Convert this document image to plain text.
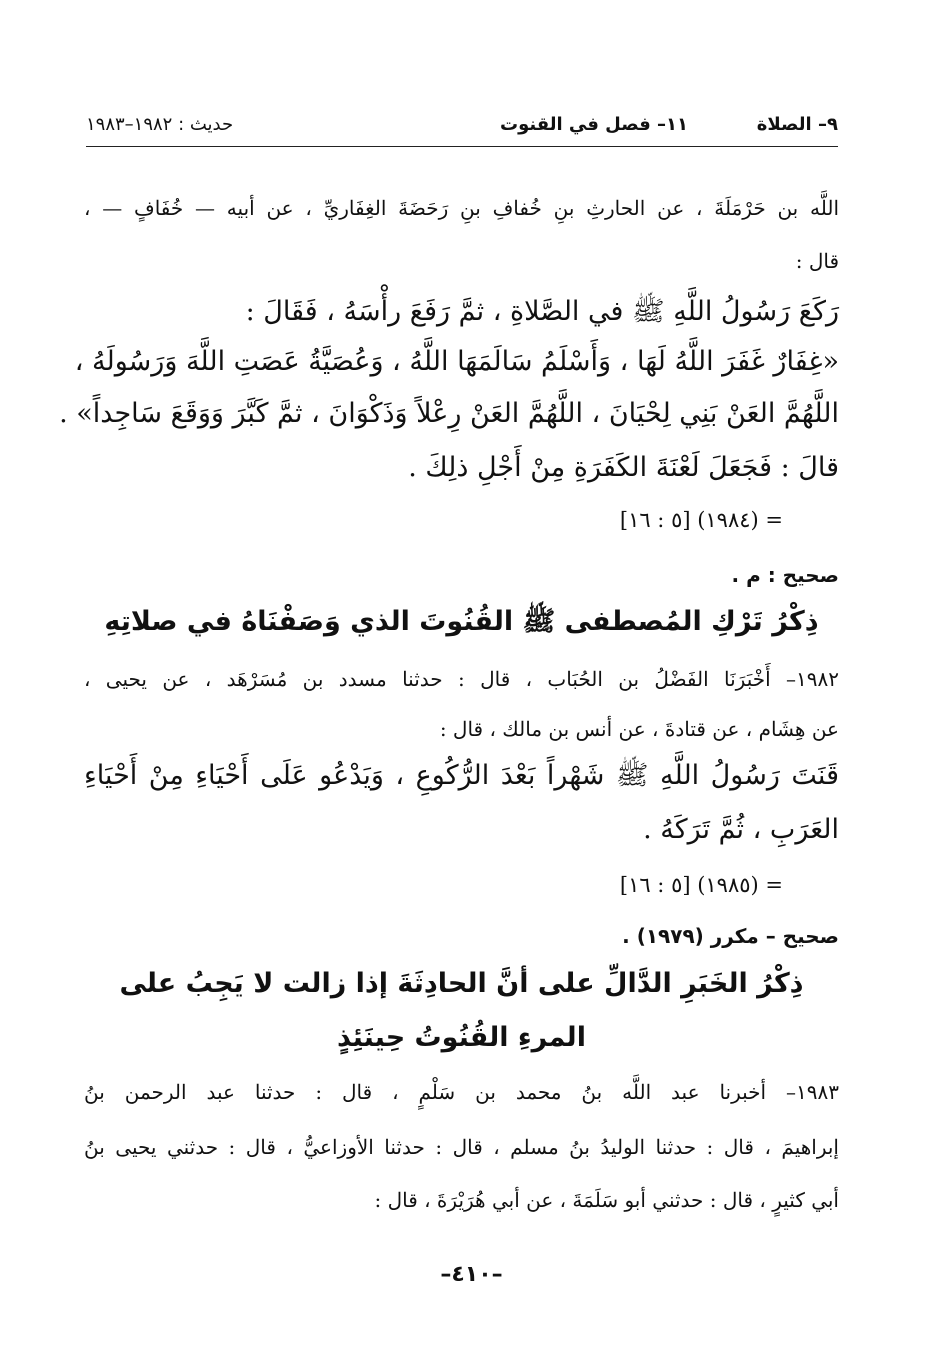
٩– الصلاة
١١– فصل في القنوت
حديث : ١٩٨٢–١٩٨٣
اللَّه بن حَرْمَلَةَ ، عن الحارثِ بنِ خُفافِ بنِ رَحَضَةَ الغِفَاريِّ ، عن أبيه — خُفَافٍ — ،
قال :
رَكَعَ رَسُولُ اللَّهِ ﷺ في الصَّلاةِ ، ثمَّ رَفَعَ رأْسَهُ ، فَقَالَ :
«غِفَارٌ غَفَرَ اللَّهُ لَهَا ، وَأَسْلَمُ سَالَمَهَا اللَّهُ ، وَعُصَيَّةُ عَصَتِ اللَّهَ وَرَسُولَهُ ،
اللَّهُمَّ العَنْ بَنِي لِحْيَانَ ، اللَّهُمَّ العَنْ رِعْلاً وَذَكْوَانَ ، ثمَّ كَبَّرَ وَوَقَعَ سَاجِداً» .
قالَ : فَجَعَلَ لَعْنَةَ الكَفَرَةِ مِنْ أَجْلِ ذلِكَ .
= (١٩٨٤) [٥ : ١٦]
صحيح : م .
ذِكْرُ تَرْكِ المُصطفى ﷺ القُنُوتَ الذي وَصَفْنَاهُ في صلاتِهِ
١٩٨٢– أَخْبَرَنَا الفَضْلُ بن الحُبَاب ، قال : حدثنا مسدد بن مُسَرْهَد ، عن يحيى ،
عن هِشَام ، عن قتادةَ ، عن أنس بن مالك ، قال :
قَنَتَ رَسُولُ اللَّهِ ﷺ شَهْراً بَعْدَ الرُّكُوعِ ، وَيَدْعُو عَلَى أَحْيَاءِ مِنْ أَحْيَاءِ
العَرَبِ ، ثُمَّ تَرَكَهُ .
= (١٩٨٥) [٥ : ١٦]
صحيح – مكرر (١٩٧٩) .
ذِكْرُ الخَبَرِ الدَّالِّ على أنَّ الحادِثَةَ إذا زالت لا يَجِبُ على
المرءِ القُنُوتُ حِينَئِذٍ
١٩٨٣– أخبرنا عبد اللَّه بنُ محمد بن سَلْمٍ ، قال : حدثنا عبد الرحمن بنُ
إبراهيمَ ، قال : حدثنا الوليدُ بنُ مسلم ، قال : حدثنا الأوزاعيُّ ، قال : حدثني يحيى بنُ
أبي كثيرٍ ، قال : حدثني أبو سَلَمَةَ ، عن أبي هُرَيْرَةَ ، قال :
–٤١٠–
